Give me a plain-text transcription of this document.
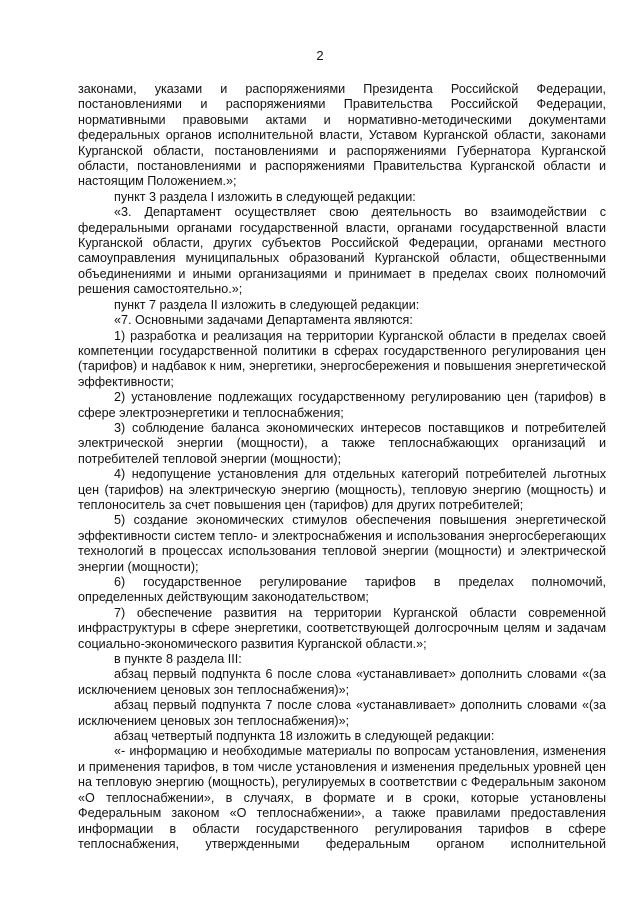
2

законами, указами и распоряжениями Президента Российской Федерации, постановлениями и распоряжениями Правительства Российской Федерации, нормативными правовыми актами и нормативно-методическими документами федеральных органов исполнительной власти, Уставом Курганской области, законами Курганской области, постановлениями и распоряжениями Губернатора Курганской области, постановлениями и распоряжениями Правительства Курганской области и настоящим Положением.»;

пункт 3 раздела I изложить в следующей редакции:

«3. Департамент осуществляет свою деятельность во взаимодействии с федеральными органами государственной власти, органами государственной власти Курганской области, других субъектов Российской Федерации, органами местного самоуправления муниципальных образований Курганской области, общественными объединениями и иными организациями и принимает в пределах своих полномочий решения самостоятельно.»;

пункт 7 раздела II изложить в следующей редакции:

«7. Основными задачами Департамента являются:

1) разработка и реализация на территории Курганской области в пределах своей компетенции государственной политики в сферах государственного регулирования цен (тарифов) и надбавок к ним, энергетики, энергосбережения и повышения энергетической эффективности;

2) установление подлежащих государственному регулированию цен (тарифов) в сфере электроэнергетики и теплоснабжения;

3) соблюдение баланса экономических интересов поставщиков и потребителей электрической энергии (мощности), а также теплоснабжающих организаций и потребителей тепловой энергии (мощности);

4) недопущение установления для отдельных категорий потребителей льготных цен (тарифов) на электрическую энергию (мощность), тепловую энергию (мощность) и теплоноситель за счет повышения цен (тарифов) для других потребителей;

5) создание экономических стимулов обеспечения повышения энергетической эффективности систем тепло- и электроснабжения и использования энергосберегающих технологий в процессах использования тепловой энергии (мощности) и электрической энергии (мощности);

6) государственное регулирование тарифов в пределах полномочий, определенных действующим законодательством;

7) обеспечение развития на территории Курганской области современной инфраструктуры в сфере энергетики, соответствующей долгосрочным целям и задачам социально-экономического развития Курганской области.»;

в пункте 8 раздела III:

абзац первый подпункта 6 после слова «устанавливает» дополнить словами «(за исключением ценовых зон теплоснабжения)»;

абзац первый подпункта 7 после слова «устанавливает» дополнить словами «(за исключением ценовых зон теплоснабжения)»;

абзац четвертый подпункта 18 изложить в следующей редакции:

«- информацию и необходимые материалы по вопросам установления, изменения и применения тарифов, в том числе установления и изменения предельных уровней цен на тепловую энергию (мощность), регулируемых в соответствии с Федеральным законом «О теплоснабжении», в случаях, в формате и в сроки, которые установлены Федеральным законом «О теплоснабжении», а также правилами предоставления информации в области государственного регулирования тарифов в сфере теплоснабжения, утвержденными федеральным органом исполнительной
